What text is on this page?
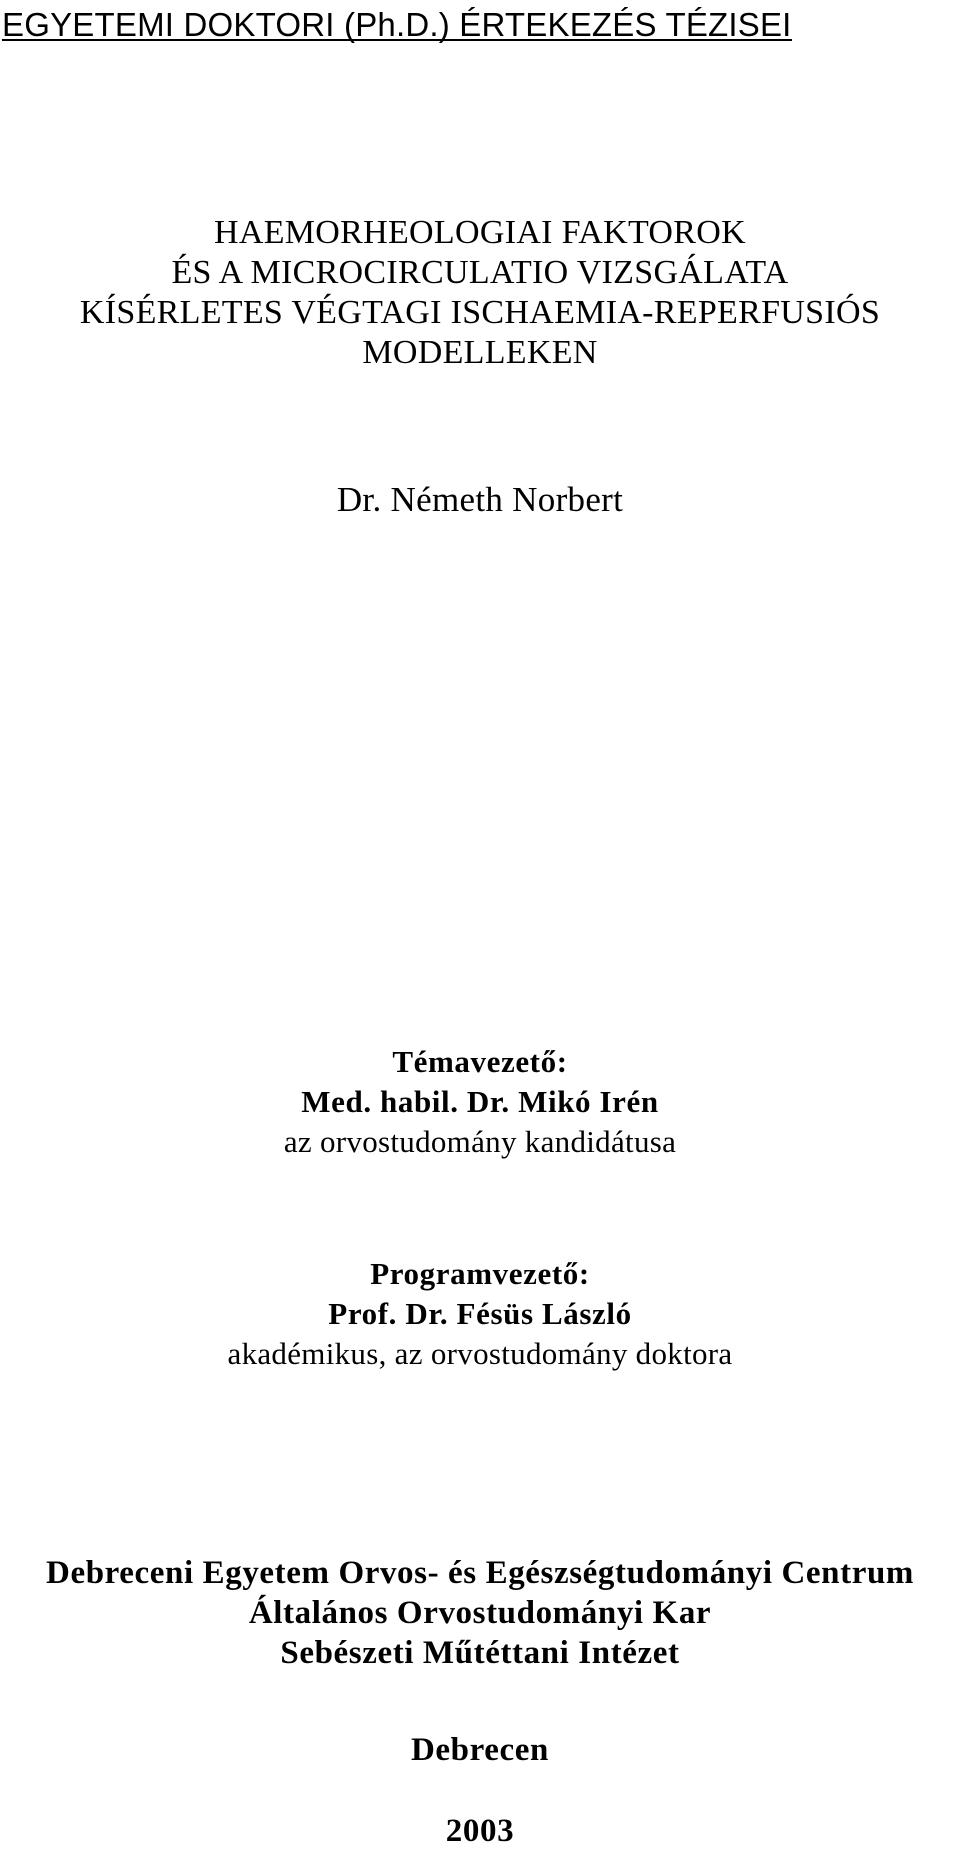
EGYETEMI DOKTORI (Ph.D.) ÉRTEKEZÉS TÉZISEI
HAEMORHEOLOGIAI FAKTOROK
ÉS A MICROCIRCULATIO VIZSGÁLATA
KÍSÉRLETES VÉGTAGI ISCHAEMIA-REPERFUSIÓS
MODELLEKEN

Dr. Németh Norbert

Témavezető:
Med. habil. Dr. Mikó Irén
az orvostudomány kandidátusa
Programvezető:
Prof. Dr. Fésüs László
akadémikus, az orvostudomány doktora
Debreceni Egyetem Orvos- és Egészségtudományi Centrum
Általános Orvostudományi Kar
Sebészeti Műtéttani Intézet

Debrecen

2003
